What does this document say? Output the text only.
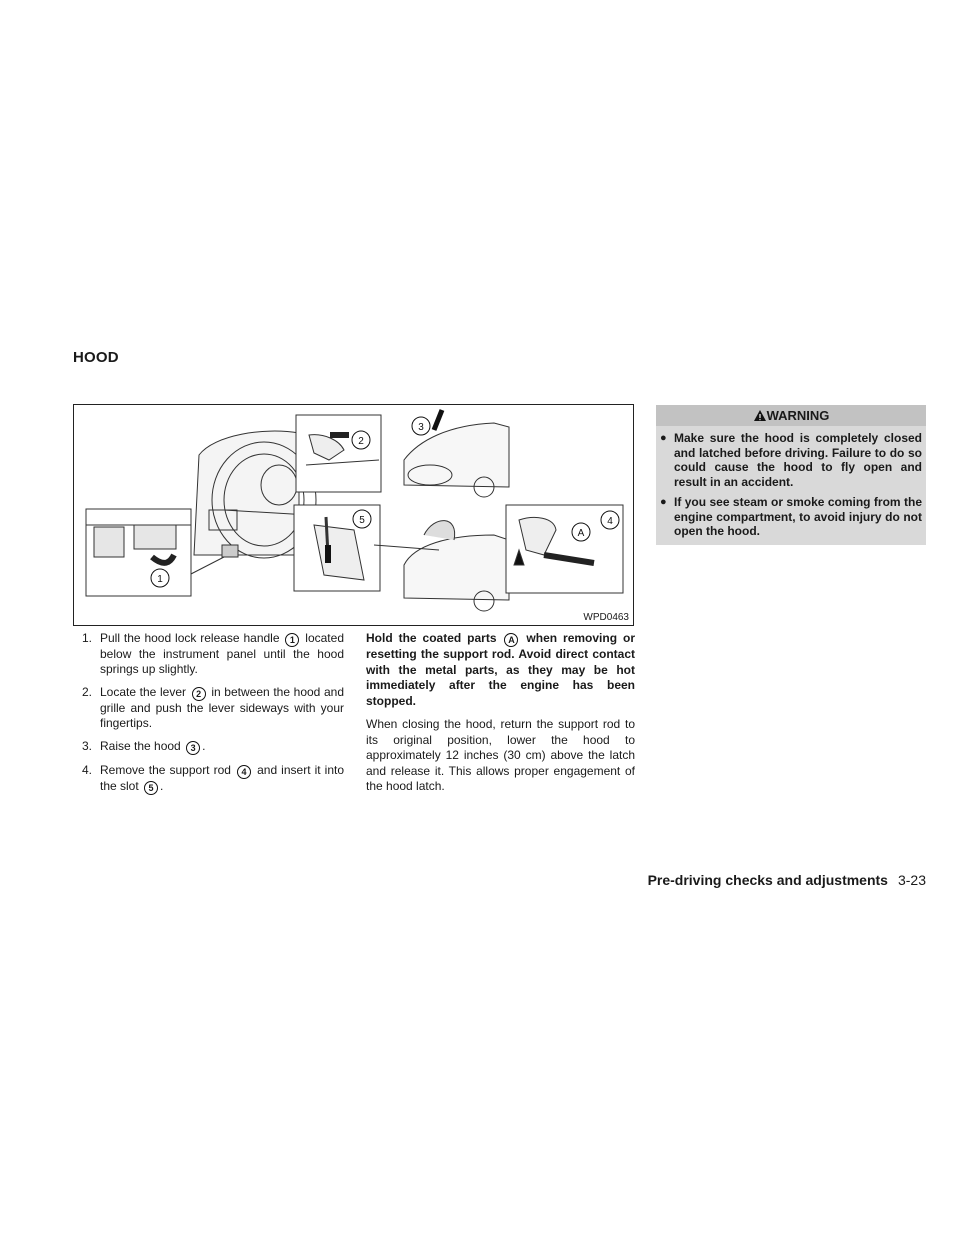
HOOD
1
2
3
4
5
A
WPD0463
1. Pull the hood lock release handle 1 located below the instrument panel until the hood springs up slightly.
2. Locate the lever 2 in between the hood and grille and push the lever sideways with your fingertips.
3. Raise the hood 3 .
4. Remove the support rod 4 and insert it into the slot 5 .

Hold the coated parts A when removing or resetting the support rod. Avoid direct contact with the metal parts, as they may be hot immediately after the engine has been stopped.

When closing the hood, return the support rod to its original position, lower the hood to approximately 12 inches (30 cm) above the latch and release it. This allows proper engagement of the hood latch.

WARNING
● Make sure the hood is completely closed and latched before driving. Failure to do so could cause the hood to fly open and result in an accident.
● If you see steam or smoke coming from the engine compartment, to avoid injury do not open the hood.
Pre-driving checks and adjustments 3-23
